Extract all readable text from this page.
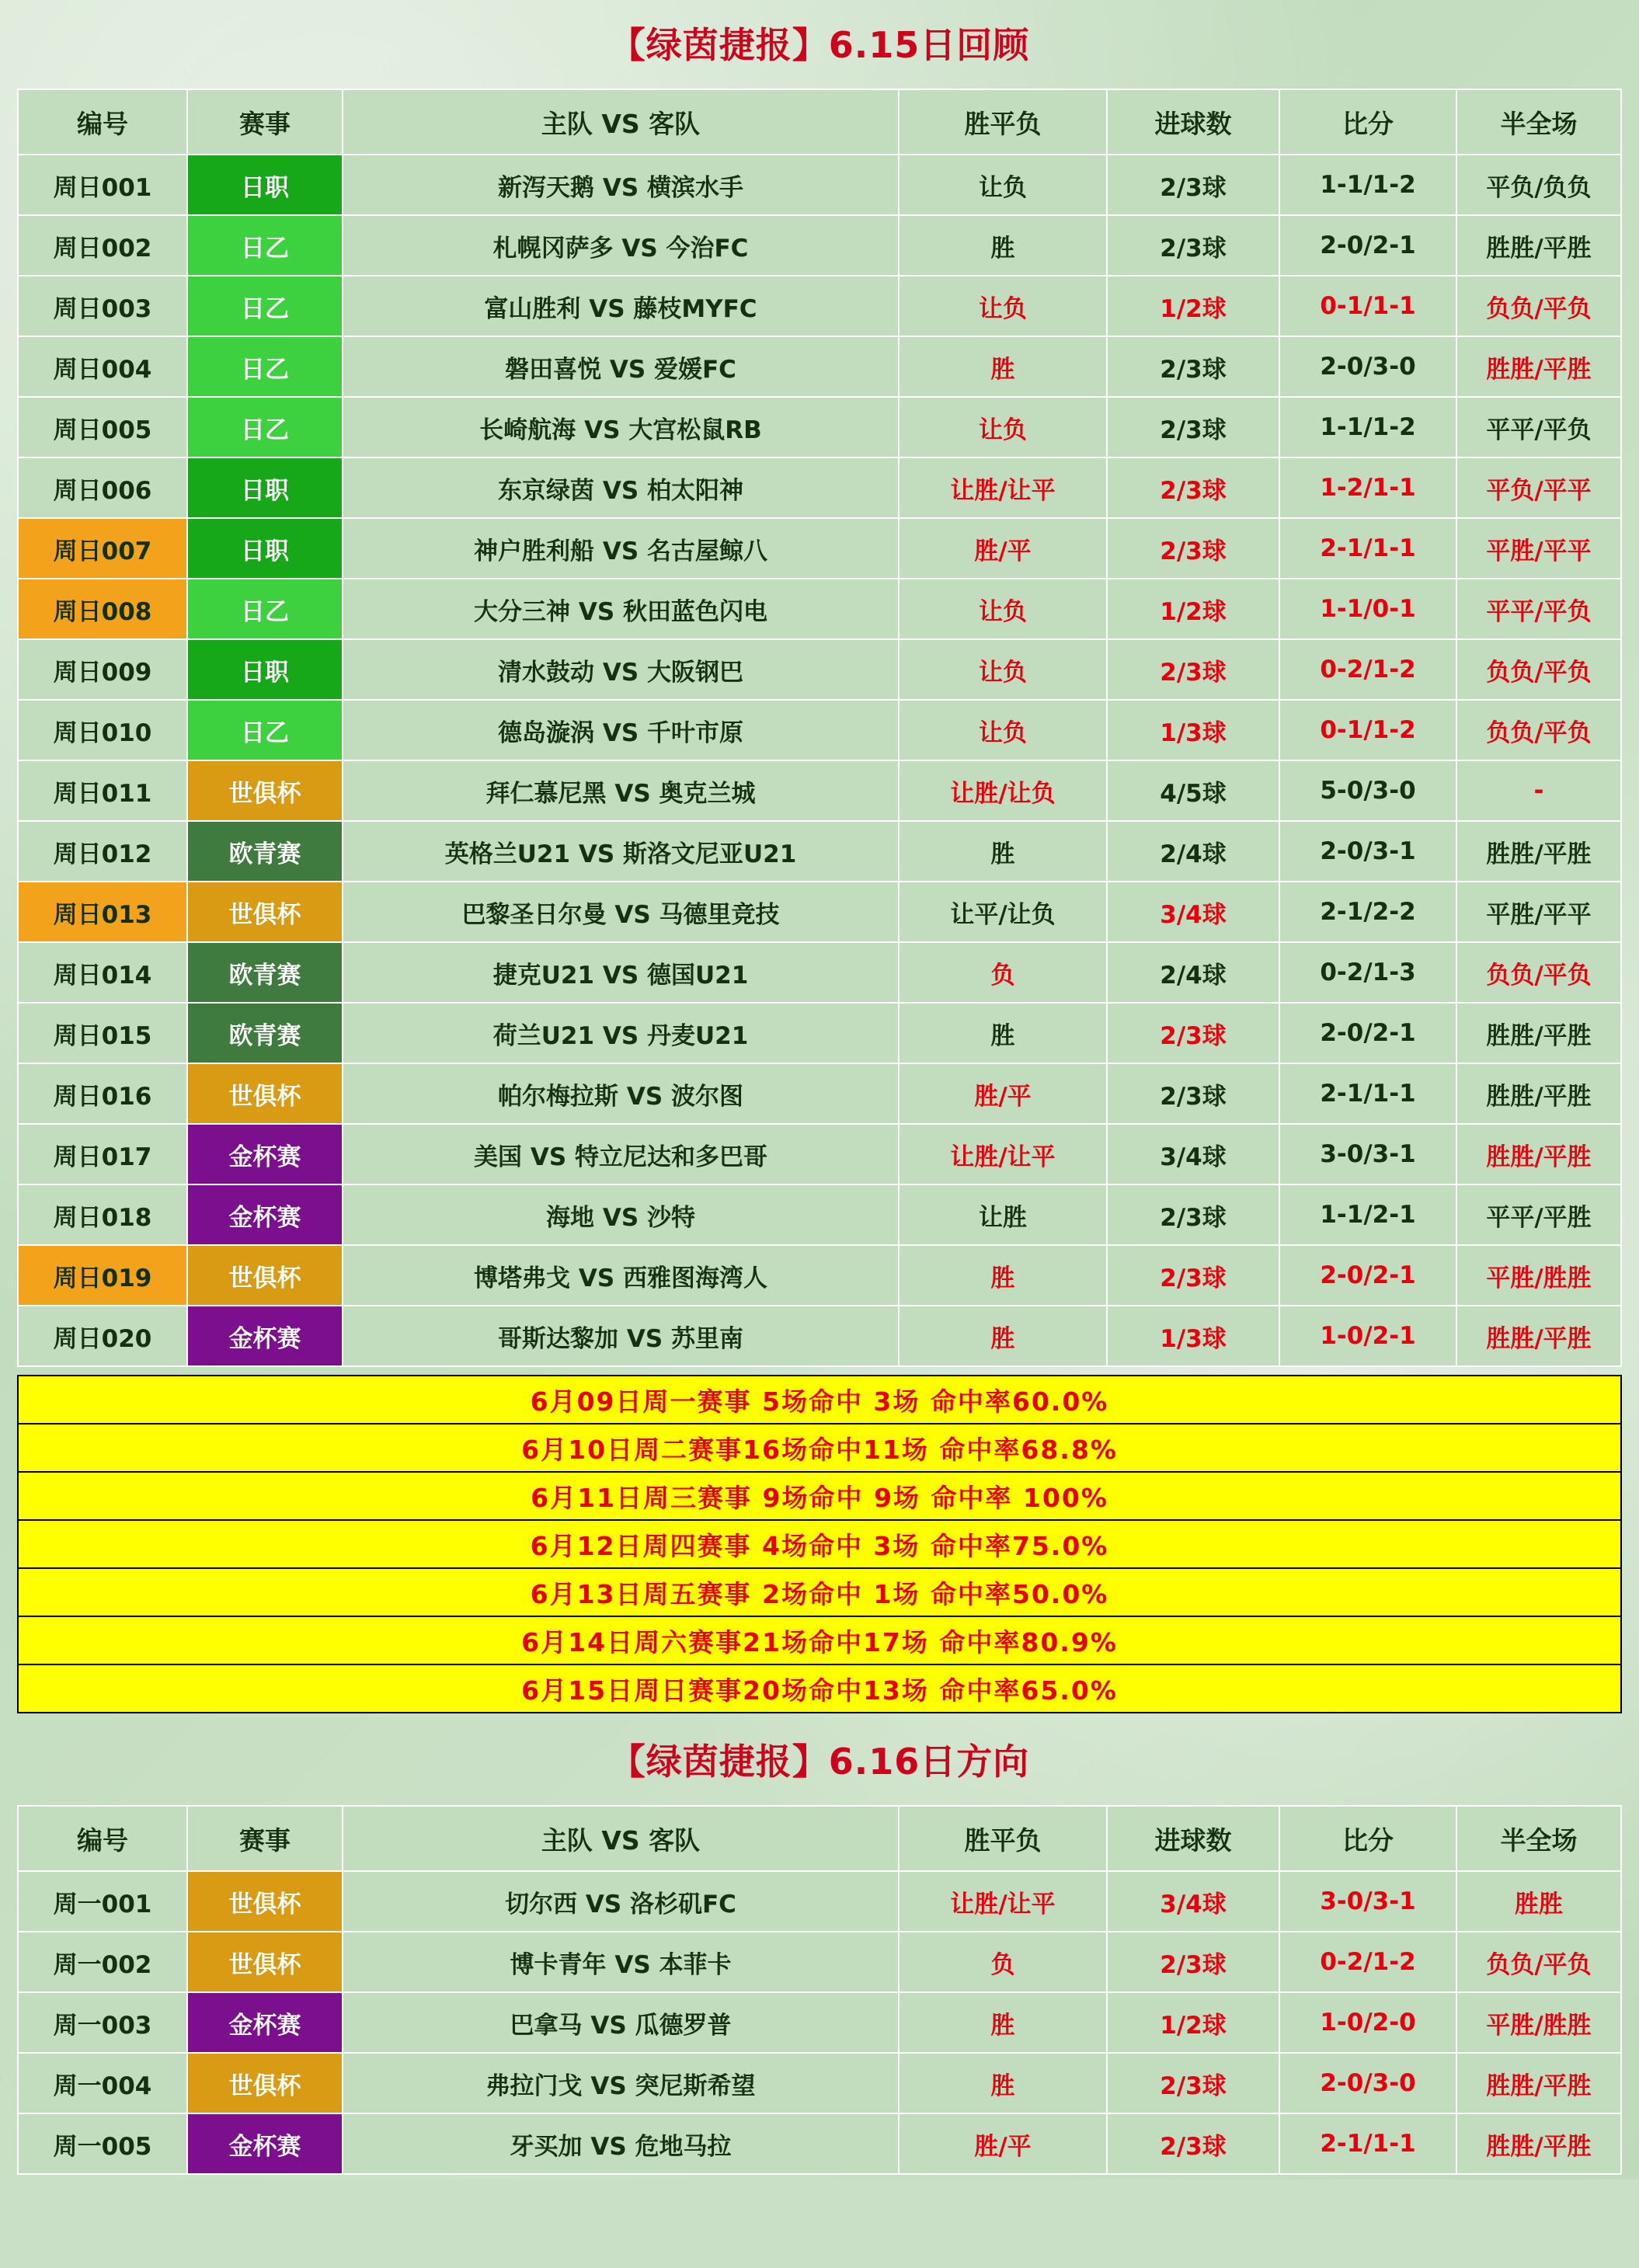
【绿茵捷报】6.15日回顾
编号	赛事	主队 VS 客队	胜平负	进球数	比分	半全场
周日001	日职	新泻天鹅 VS 横滨水手	让负	2/3球	1-1/1-2	平负/负负
周日002	日乙	札幌冈萨多 VS 今治FC	胜	2/3球	2-0/2-1	胜胜/平胜
周日003	日乙	富山胜利 VS 藤枝MYFC	让负	1/2球	0-1/1-1	负负/平负
周日004	日乙	磐田喜悦 VS 爱媛FC	胜	2/3球	2-0/3-0	胜胜/平胜
周日005	日乙	长崎航海 VS 大宫松鼠RB	让负	2/3球	1-1/1-2	平平/平负
周日006	日职	东京绿茵 VS 柏太阳神	让胜/让平	2/3球	1-2/1-1	平负/平平
周日007	日职	神户胜利船 VS 名古屋鲸八	胜/平	2/3球	2-1/1-1	平胜/平平
周日008	日乙	大分三神 VS 秋田蓝色闪电	让负	1/2球	1-1/0-1	平平/平负
周日009	日职	清水鼓动 VS 大阪钢巴	让负	2/3球	0-2/1-2	负负/平负
周日010	日乙	德岛漩涡 VS 千叶市原	让负	1/3球	0-1/1-2	负负/平负
周日011	世俱杯	拜仁慕尼黑 VS 奥克兰城	让胜/让负	4/5球	5-0/3-0	-
周日012	欧青赛	英格兰U21 VS 斯洛文尼亚U21	胜	2/4球	2-0/3-1	胜胜/平胜
周日013	世俱杯	巴黎圣日尔曼 VS 马德里竞技	让平/让负	3/4球	2-1/2-2	平胜/平平
周日014	欧青赛	捷克U21 VS 德国U21	负	2/4球	0-2/1-3	负负/平负
周日015	欧青赛	荷兰U21 VS 丹麦U21	胜	2/3球	2-0/2-1	胜胜/平胜
周日016	世俱杯	帕尔梅拉斯 VS 波尔图	胜/平	2/3球	2-1/1-1	胜胜/平胜
周日017	金杯赛	美国 VS 特立尼达和多巴哥	让胜/让平	3/4球	3-0/3-1	胜胜/平胜
周日018	金杯赛	海地 VS 沙特	让胜	2/3球	1-1/2-1	平平/平胜
周日019	世俱杯	博塔弗戈 VS 西雅图海湾人	胜	2/3球	2-0/2-1	平胜/胜胜
周日020	金杯赛	哥斯达黎加 VS 苏里南	胜	1/3球	1-0/2-1	胜胜/平胜
6月09日周一赛事 5场命中 3场 命中率60.0%
6月10日周二赛事16场命中11场 命中率68.8%
6月11日周三赛事 9场命中 9场 命中率 100%
6月12日周四赛事 4场命中 3场 命中率75.0%
6月13日周五赛事 2场命中 1场 命中率50.0%
6月14日周六赛事21场命中17场 命中率80.9%
6月15日周日赛事20场命中13场 命中率65.0%
【绿茵捷报】6.16日方向
编号	赛事	主队 VS 客队	胜平负	进球数	比分	半全场
周一001	世俱杯	切尔西 VS 洛杉矶FC	让胜/让平	3/4球	3-0/3-1	胜胜
周一002	世俱杯	博卡青年 VS 本菲卡	负	2/3球	0-2/1-2	负负/平负
周一003	金杯赛	巴拿马 VS 瓜德罗普	胜	1/2球	1-0/2-0	平胜/胜胜
周一004	世俱杯	弗拉门戈 VS 突尼斯希望	胜	2/3球	2-0/3-0	胜胜/平胜
周一005	金杯赛	牙买加 VS 危地马拉	胜/平	2/3球	2-1/1-1	胜胜/平胜
